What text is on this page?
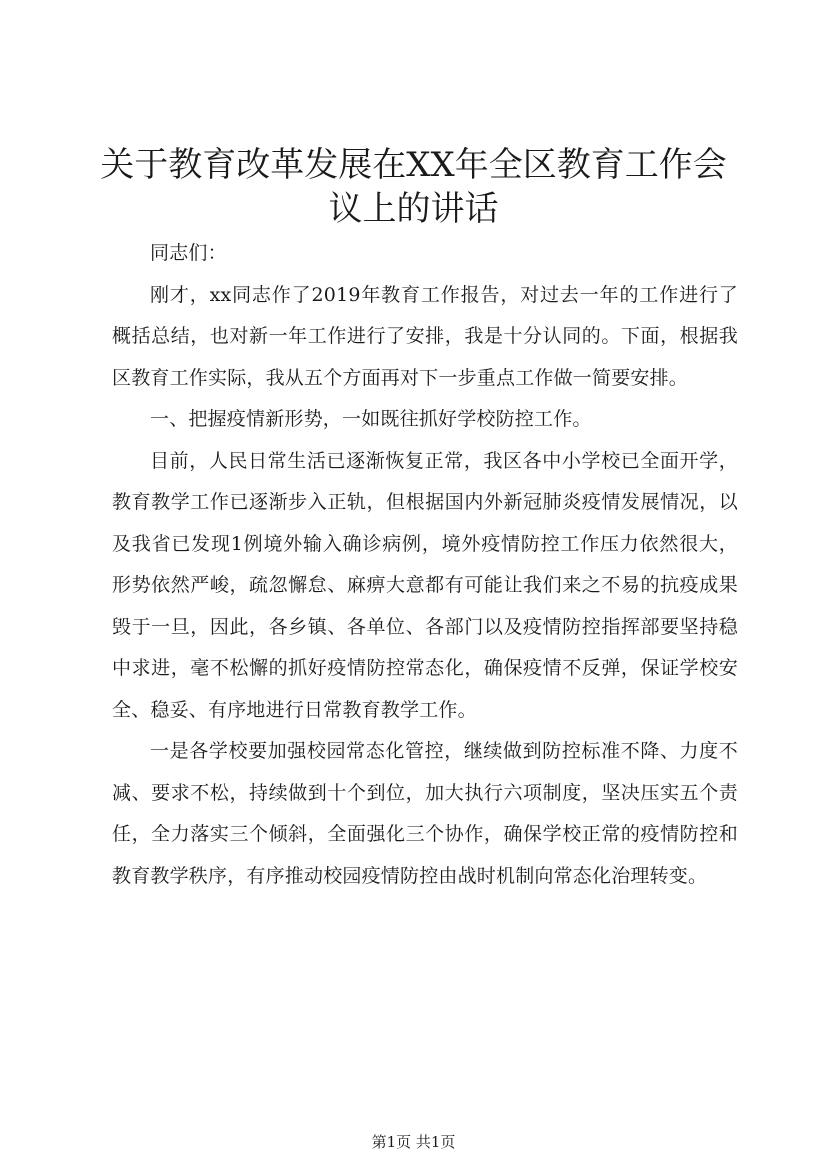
关于教育改革发展在XX年全区教育工作会议上的讲话

同志们：

刚才，xx同志作了2019年教育工作报告，对过去一年的工作进行了概括总结，也对新一年工作进行了安排，我是十分认同的。下面，根据我区教育工作实际，我从五个方面再对下一步重点工作做一简要安排。

一、把握疫情新形势，一如既往抓好学校防控工作。

目前，人民日常生活已逐渐恢复正常，我区各中小学校已全面开学，教育教学工作已逐渐步入正轨，但根据国内外新冠肺炎疫情发展情况，以及我省已发现1例境外输入确诊病例，境外疫情防控工作压力依然很大，形势依然严峻，疏忽懈怠、麻痹大意都有可能让我们来之不易的抗疫成果毁于一旦，因此，各乡镇、各单位、各部门以及疫情防控指挥部要坚持稳中求进，毫不松懈的抓好疫情防控常态化，确保疫情不反弹，保证学校安全、稳妥、有序地进行日常教育教学工作。

一是各学校要加强校园常态化管控，继续做到防控标准不降、力度不减、要求不松，持续做到十个到位，加大执行六项制度，坚决压实五个责任，全力落实三个倾斜，全面强化三个协作，确保学校正常的疫情防控和教育教学秩序，有序推动校园疫情防控由战时机制向常态化治理转变。

第1页 共1页
